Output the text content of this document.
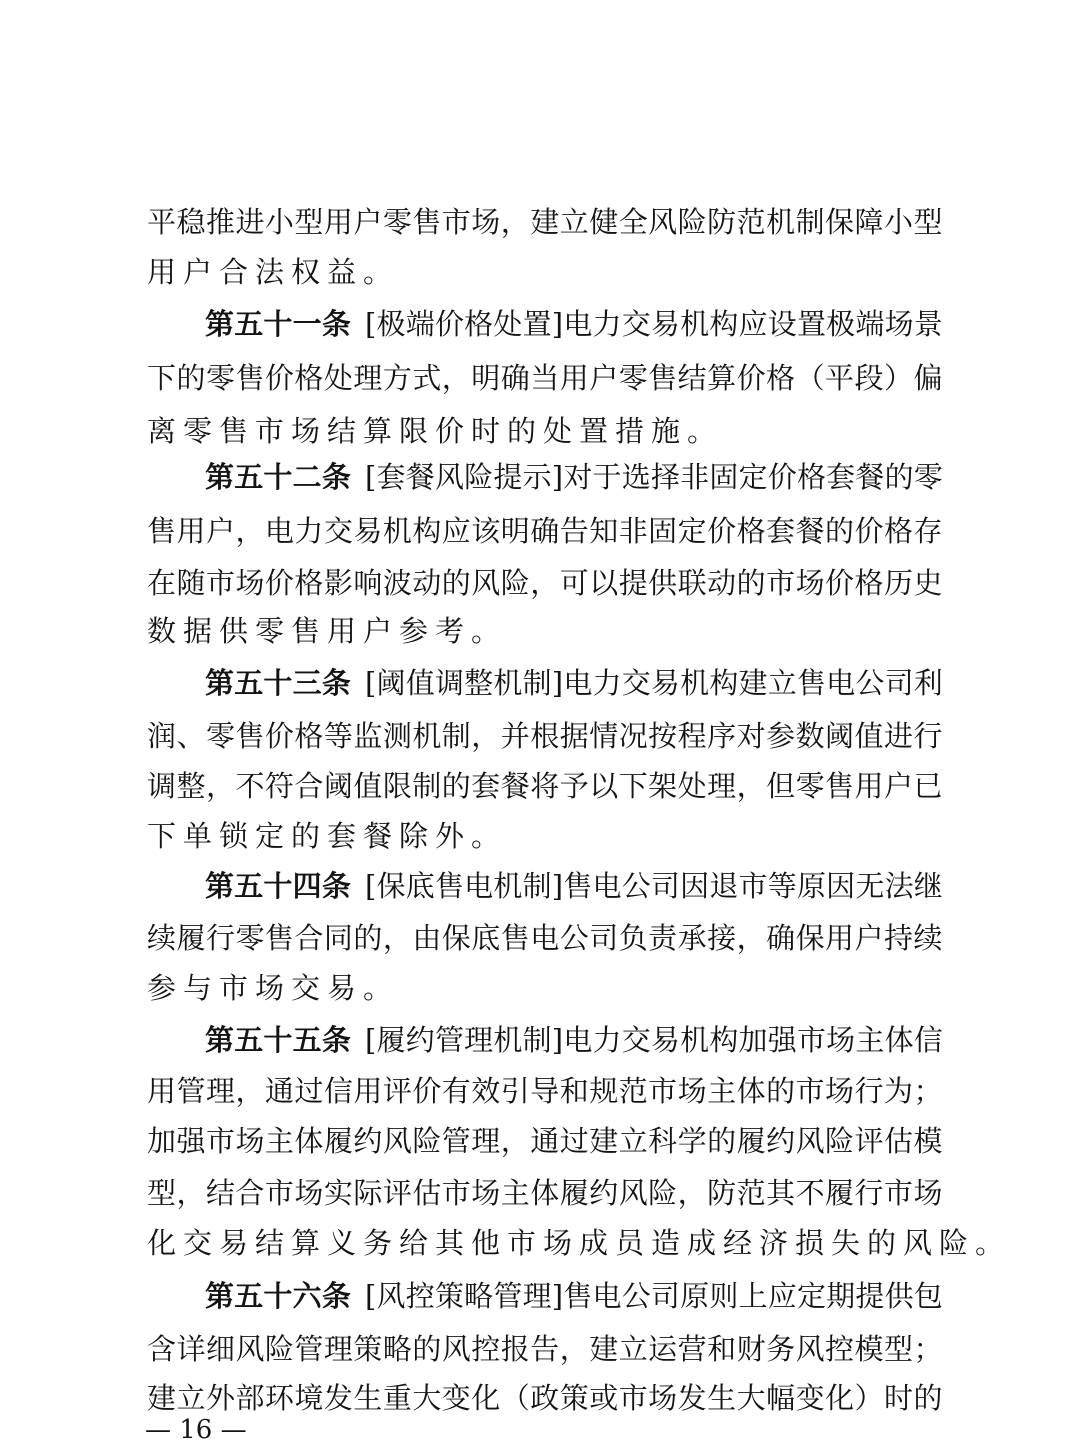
— 16 —
平稳推进小型用户零售市场，建立健全风险防范机制保障小型
用户合法权益。
第五十一条 [极端价格处置]电力交易机构应设置极端场景
下的零售价格处理方式，明确当用户零售结算价格（平段）偏
离零售市场结算限价时的处置措施。
第五十二条 [套餐风险提示]对于选择非固定价格套餐的零
售用户，电力交易机构应该明确告知非固定价格套餐的价格存
在随市场价格影响波动的风险，可以提供联动的市场价格历史
数据供零售用户参考。
第五十三条 [阈值调整机制]电力交易机构建立售电公司利
润、零售价格等监测机制，并根据情况按程序对参数阈值进行
调整，不符合阈值限制的套餐将予以下架处理，但零售用户已
下单锁定的套餐除外。
第五十四条 [保底售电机制]售电公司因退市等原因无法继
续履行零售合同的，由保底售电公司负责承接，确保用户持续
参与市场交易。
第五十五条 [履约管理机制]电力交易机构加强市场主体信
用管理，通过信用评价有效引导和规范市场主体的市场行为；
加强市场主体履约风险管理，通过建立科学的履约风险评估模
型，结合市场实际评估市场主体履约风险，防范其不履行市场
化交易结算义务给其他市场成员造成经济损失的风险。
第五十六条 [风控策略管理]售电公司原则上应定期提供包
含详细风险管理策略的风控报告，建立运营和财务风控模型；
建立外部环境发生重大变化（政策或市场发生大幅变化）时的
